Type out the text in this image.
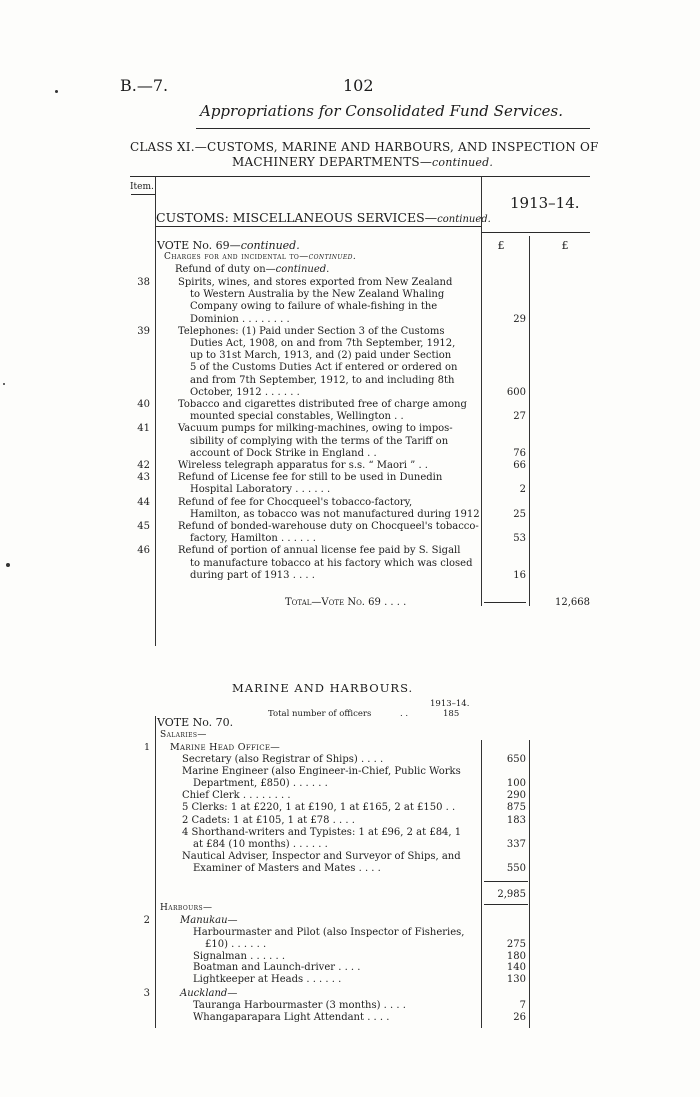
B.—7.	102
Appropriations for Consolidated Fund Services.
CLASS XI.—CUSTOMS, MARINE AND HARBOURS, AND INSPECTION OF
MACHINERY DEPARTMENTS—continued.
Item.
1913–14.
CUSTOMS: MISCELLANEOUS SERVICES—continued.
VOTE No. 69—continued.	£	£
Charges for and incidental to—continued.
Refund of duty on—continued.
38	Spirits, wines, and stores exported from New Zealand
to Western Australia by the New Zealand Whaling
Company owing to failure of whale-fishing in the
Dominion . . . . . . . .	29
39	Telephones: (1) Paid under Section 3 of the Customs
Duties Act, 1908, on and from 7th September, 1912,
up to 31st March, 1913, and (2) paid under Section
5 of the Customs Duties Act if entered or ordered on
and from 7th September, 1912, to and including 8th
October, 1912 . . . . . .	600
40	Tobacco and cigarettes distributed free of charge among
mounted special constables, Wellington . .	27
41	Vacuum pumps for milking-machines, owing to impos-
sibility of complying with the terms of the Tariff on
account of Dock Strike in England . .	76
42	Wireless telegraph apparatus for s.s. “ Maori ” . .	66
43	Refund of License fee for still to be used in Dunedin
Hospital Laboratory . . . . . .	2
44	Refund of fee for Chocqueel's tobacco-factory,
Hamilton, as tobacco was not manufactured during 1912	25
45	Refund of bonded-warehouse duty on Chocqueel's tobacco-
factory, Hamilton . . . . . .	53
46	Refund of portion of annual license fee paid by S. Sigall
to manufacture tobacco at his factory which was closed
during part of 1913 . . . .	16
Total—Vote No. 69 . . . .	12,668
MARINE AND HARBOURS.
1913–14.
Total number of officers	. .	185
VOTE No. 70.
Salaries—
1 Marine Head Office—
Secretary (also Registrar of Ships) . . . .	650
Marine Engineer (also Engineer-in-Chief, Public Works
Department, £850) . . . . . .	100
Chief Clerk . . . . . . . .	290
5 Clerks: 1 at £220, 1 at £190, 1 at £165, 2 at £150 . .	875
2 Cadets: 1 at £105, 1 at £78 . . . .	183
4 Shorthand-writers and Typistes: 1 at £96, 2 at £84, 1
at £84 (10 months) . . . . . .	337
Nautical Adviser, Inspector and Surveyor of Ships, and
Examiner of Masters and Mates . . . .	550
2,985
Harbours—
2	Manukau—
Harbourmaster and Pilot (also Inspector of Fisheries,
£10) . . . . . .	275
Signalman . . . . . .	180
Boatman and Launch-driver . . . .	140
Lightkeeper at Heads . . . . . .	130
3	Auckland—
Tauranga Harbourmaster (3 months) . . . .	7
Whangaparapara Light Attendant . . . .	26
